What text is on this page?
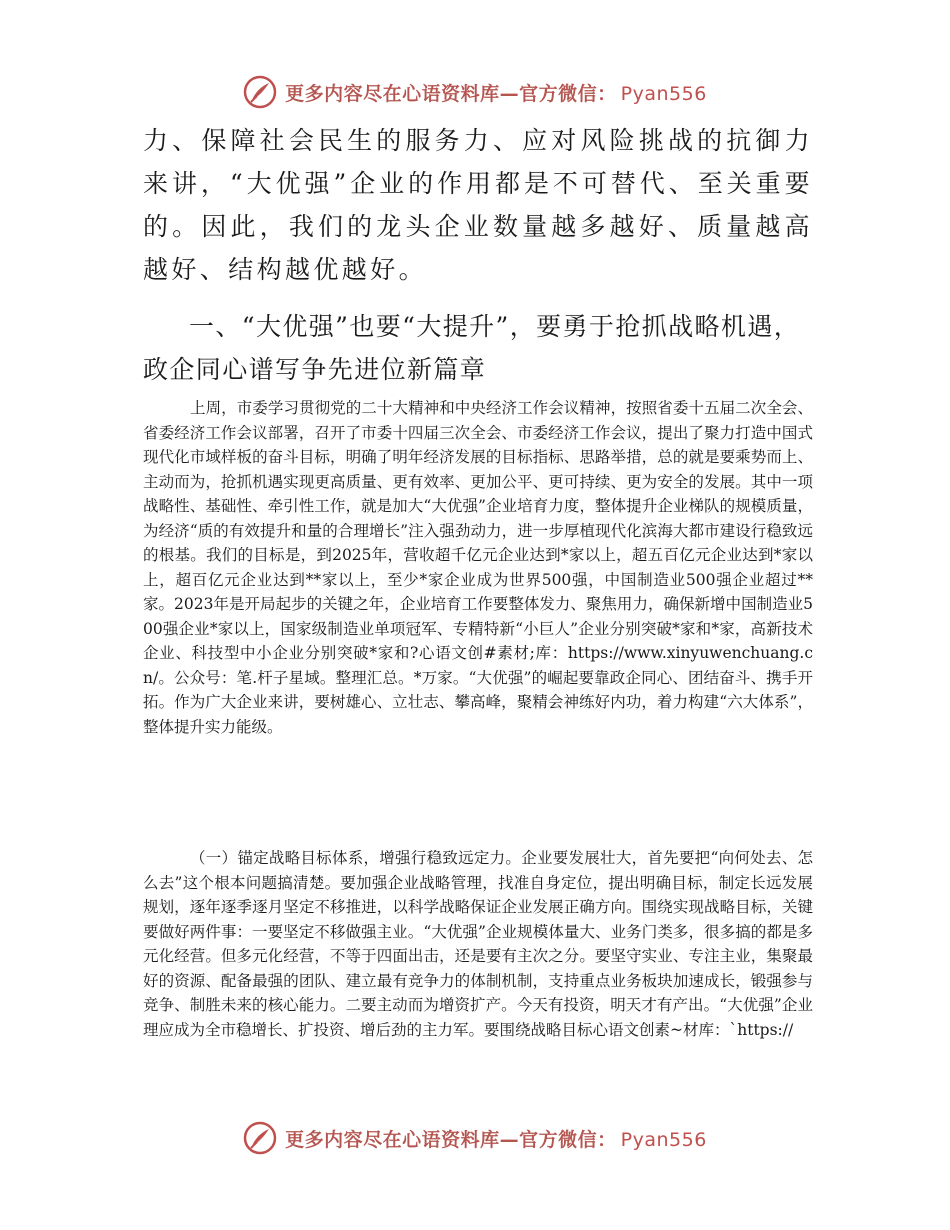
更多内容尽在心语资料库—官方微信： Pyan556

力、保障社会民生的服务力、应对风险挑战的抗御力来讲，“大优强”企业的作用都是不可替代、至关重要的。因此，我们的龙头企业数量越多越好、质量越高越好、结构越优越好。

一、“大优强”也要“大提升”，要勇于抢抓战略机遇，政企同心谱写争先进位新篇章

上周，市委学习贯彻党的二十大精神和中央经济工作会议精神，按照省委十五届二次全会、省委经济工作会议部署，召开了市委十四届三次全会、市委经济工作会议，提出了聚力打造中国式现代化市域样板的奋斗目标，明确了明年经济发展的目标指标、思路举措，总的就是要乘势而上、主动而为，抢抓机遇实现更高质量、更有效率、更加公平、更可持续、更为安全的发展。其中一项战略性、基础性、牵引性工作，就是加大“大优强”企业培育力度，整体提升企业梯队的规模质量，为经济“质的有效提升和量的合理增长”注入强劲动力，进一步厚植现代化滨海大都市建设行稳致远的根基。我们的目标是，到2025年，营收超千亿元企业达到*家以上，超五百亿元企业达到*家以上，超百亿元企业达到**家以上，至少*家企业成为世界500强，中国制造业500强企业超过**家。2023年是开局起步的关键之年，企业培育工作要整体发力、聚焦用力，确保新增中国制造业500强企业*家以上，国家级制造业单项冠军、专精特新“小巨人”企业分别突破*家和*家，高新技术企业、科技型中小企业分别突破*家和?心语文创#素材;库：https://www.xinyuwenchuang.cn/。公众号：笔.杆子星域。整理汇总。*万家。“大优强”的崛起要靠政企同心、团结奋斗、携手开拓。作为广大企业来讲，要树雄心、立壮志、攀高峰，聚精会神练好内功，着力构建“六大体系”，整体提升实力能级。

（一）锚定战略目标体系，增强行稳致远定力。企业要发展壮大，首先要把“向何处去、怎么去”这个根本问题搞清楚。要加强企业战略管理，找准自身定位，提出明确目标，制定长远发展规划，逐年逐季逐月坚定不移推进，以科学战略保证企业发展正确方向。围绕实现战略目标，关键要做好两件事：一要坚定不移做强主业。“大优强”企业规模体量大、业务门类多，很多搞的都是多元化经营。但多元化经营，不等于四面出击，还是要有主次之分。要坚守实业、专注主业，集聚最好的资源、配备最强的团队、建立最有竞争力的体制机制，支持重点业务板块加速成长，锻强参与竞争、制胜未来的核心能力。二要主动而为增资扩产。今天有投资，明天才有产出。“大优强”企业理应成为全市稳增长、扩投资、增后劲的主力军。要围绕战略目标心语文创素~材库：`https://

更多内容尽在心语资料库—官方微信： Pyan556
